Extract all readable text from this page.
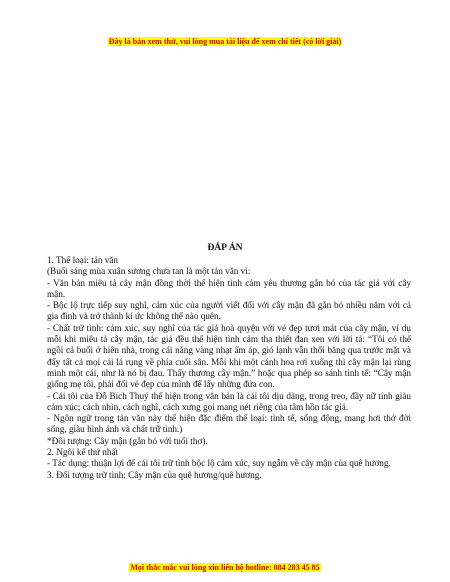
Đây là bản xem thử, vui lòng mua tài liệu để xem chi tiết (có lời giải)
ĐÁP ÁN

1. Thể loại: tản văn

(Buổi sáng mùa xuân sương chưa tan là một tản văn vì:

- Văn bản miêu tả cây mận đồng thời thể hiện tình cảm yêu thương gắn bó của tác giả với cây mận.

- Bộc lộ trực tiếp suy nghĩ, cảm xúc của người viết đối với cây mận đã gắn bó nhiều năm với cả gia đình và trở thành kí ức không thể nào quên.

- Chất trữ tình: cảm xúc, suy nghĩ của tác giả hoà quyện với vẻ đẹp tươi mát của cây mận, ví dụ mỗi khi miêu tả cây mận, tác giả đều thể hiện tình cảm tha thiết đan xen với lời tả: “Tôi có thể ngồi cả buổi ở hiên nhà, trong cái nắng vàng nhạt ấm áp, gió lạnh vẫn thổi băng qua trước mặt và đẩy tất cả mọi cái lá rụng về phía cuối sân. Mỗi khi một cánh hoa rơi xuống thì cây mận lại rùng mình một cái, như là nó bị đau. Thấy thương cây mận.” hoặc qua phép so sánh tinh tế: “Cây mận giống mẹ tôi, phải đổi vẻ đẹp của mình để lấy những đứa con.

- Cái tôi của Đỗ Bích Thuý thể hiện trong văn bản là cái tôi dịu dàng, trong treo, đầy nữ tính giàu cảm xúc; cách nhìn, cách nghĩ, cách xưng gọi mang nét riêng của tâm hồn tác giả.

- Ngôn ngữ trong tản văn này thể hiện đặc điểm thể loại: tinh tế, sống động, mang hơi thở đời sống, giàu hình ảnh và chất trữ tình.)

*Đối tượng: Cây mận (gắn bó với tuổi thơ).

2. Ngôi kể thứ nhất

- Tác dụng: thuận lợi để cái tôi trữ tình bộc lộ cảm xúc, suy ngẫm về cây mận của quê hương.

3. Đối tượng trữ tình: Cây mận của quê hương/quê hương.

Mọi thắc mắc vui lòng xin liên hệ hotline: 084 283 45 85
